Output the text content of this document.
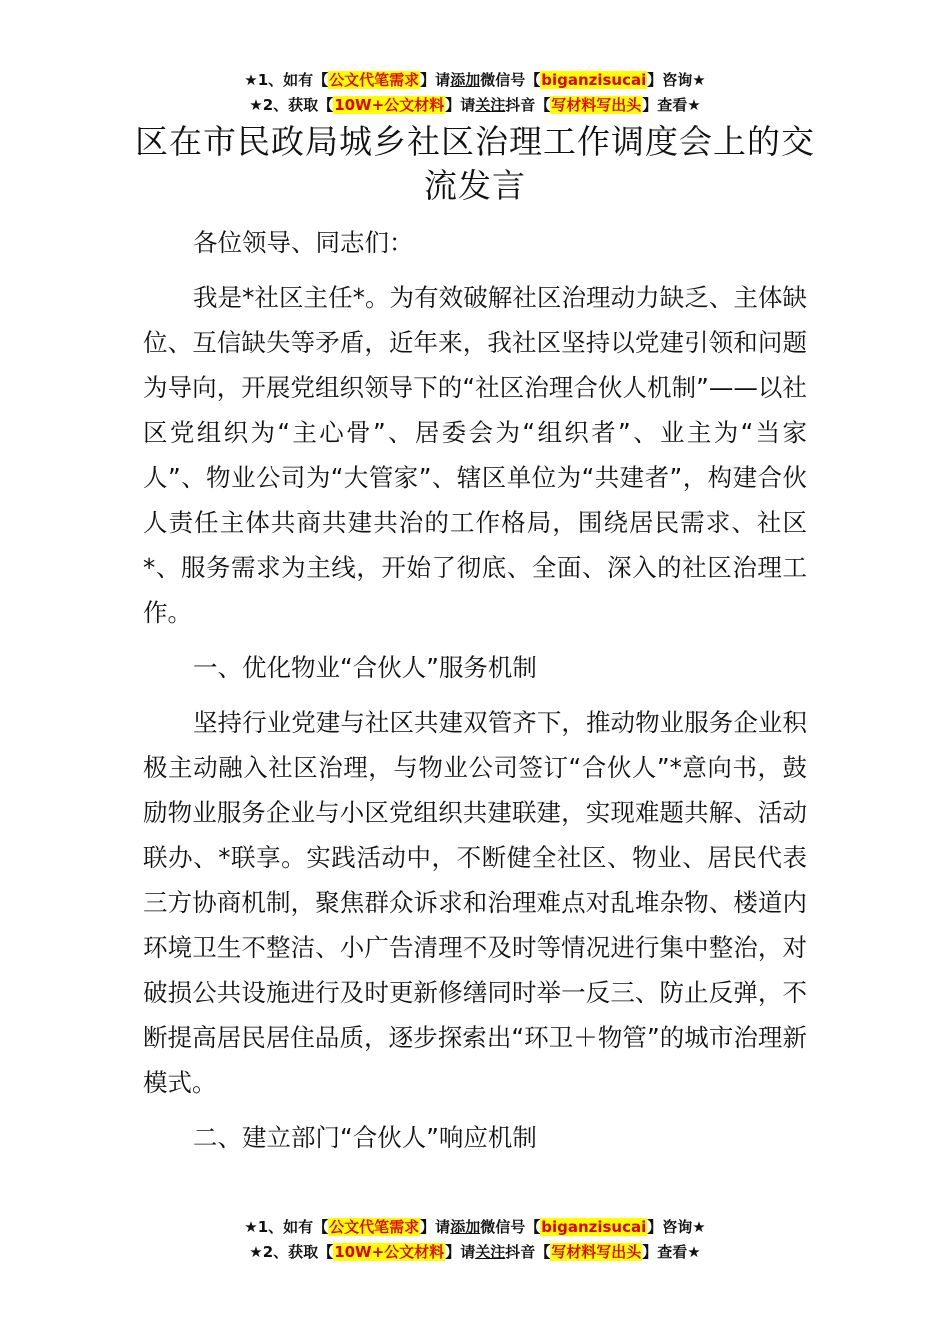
★1、如有【公文代笔需求】请添加微信号【biganzisucai】咨询★
★2、获取【10W+公文材料】请关注抖音【写材料写出头】查看★
区在市民政局城乡社区治理工作调度会上的交流发言

各位领导、同志们：

我是*社区主任*。为有效破解社区治理动力缺乏、主体缺位、互信缺失等矛盾，近年来，我社区坚持以党建引领和问题为导向，开展党组织领导下的“社区治理合伙人机制”——以社区党组织为“主心骨”、居委会为“组织者”、业主为“当家人”、物业公司为“大管家”、辖区单位为“共建者”，构建合伙人责任主体共商共建共治的工作格局，围绕居民需求、社区*、服务需求为主线，开始了彻底、全面、深入的社区治理工作。

一、优化物业“合伙人”服务机制

坚持行业党建与社区共建双管齐下，推动物业服务企业积极主动融入社区治理，与物业公司签订“合伙人”*意向书，鼓励物业服务企业与小区党组织共建联建，实现难题共解、活动联办、*联享。实践活动中，不断健全社区、物业、居民代表三方协商机制，聚焦群众诉求和治理难点对乱堆杂物、楼道内环境卫生不整洁、小广告清理不及时等情况进行集中整治，对破损公共设施进行及时更新修缮同时举一反三、防止反弹，不断提高居民居住品质，逐步探索出“环卫＋物管”的城市治理新模式。

二、建立部门“合伙人”响应机制

★1、如有【公文代笔需求】请添加微信号【biganzisucai】咨询★
★2、获取【10W+公文材料】请关注抖音【写材料写出头】查看★
